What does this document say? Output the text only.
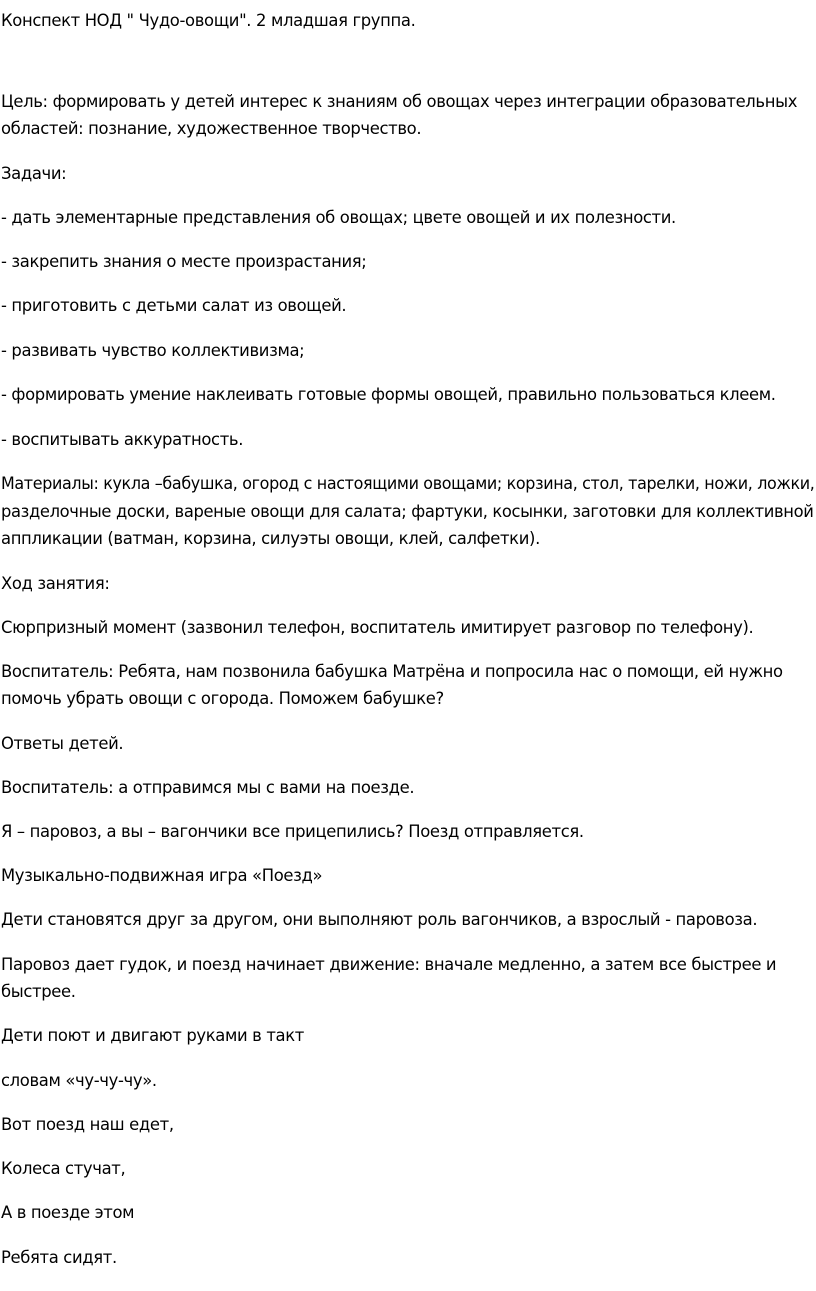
Конспект НОД " Чудо-овощи". 2 младшая группа.
Цель: формировать у детей интерес к знаниям об овощах через интеграции образовательных
областей: познание, художественное творчество.
Задачи:
- дать элементарные представления об овощах; цвете овощей и их полезности.
- закрепить знания о месте произрастания;
- приготовить с детьми салат из овощей.
- развивать чувство коллективизма;
- формировать умение наклеивать готовые формы овощей, правильно пользоваться клеем.
- воспитывать аккуратность.
Материалы: кукла –бабушка, огород с настоящими овощами; корзина, стол, тарелки, ножи, ложки,
разделочные доски, вареные овощи для салата; фартуки, косынки, заготовки для коллективной
аппликации (ватман, корзина, силуэты овощи, клей, салфетки).
Ход занятия:
Сюрпризный момент (зазвонил телефон, воспитатель имитирует разговор по телефону).
Воспитатель: Ребята, нам позвонила бабушка Матрёна и попросила нас о помощи, ей нужно
помочь убрать овощи с огорода. Поможем бабушке?
Ответы детей.
Воспитатель: а отправимся мы с вами на поезде.
Я – паровоз, а вы – вагончики все прицепились? Поезд отправляется.
Музыкально-подвижная игра «Поезд»
Дети становятся друг за другом, они выполняют роль вагончиков, а взрослый - паровоза.
Паровоз дает гудок, и поезд начинает движение: вначале медленно, а затем все быстрее и
быстрее.
Дети поют и двигают руками в такт
словам «чу-чу-чу».
Вот поезд наш едет,
Колеса стучат,
А в поезде этом
Ребята сидят.
